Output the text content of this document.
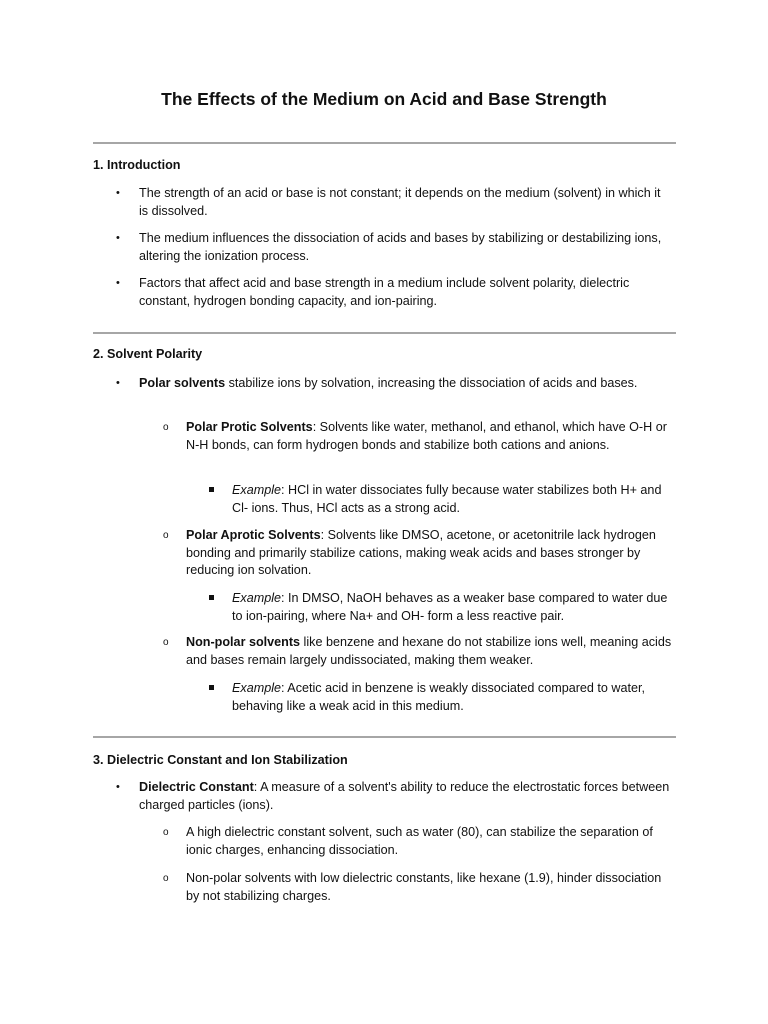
The Effects of the Medium on Acid and Base Strength

1. Introduction

• The strength of an acid or base is not constant; it depends on the medium (solvent) in which it is dissolved.
• The medium influences the dissociation of acids and bases by stabilizing or destabilizing ions, altering the ionization process.
• Factors that affect acid and base strength in a medium include solvent polarity, dielectric constant, hydrogen bonding capacity, and ion-pairing.

2. Solvent Polarity

• Polar solvents stabilize ions by solvation, increasing the dissociation of acids and bases.
o Polar Protic Solvents: Solvents like water, methanol, and ethanol, which have O-H or N-H bonds, can form hydrogen bonds and stabilize both cations and anions.
Example: HCl in water dissociates fully because water stabilizes both H+ and Cl- ions. Thus, HCl acts as a strong acid.
o Polar Aprotic Solvents: Solvents like DMSO, acetone, or acetonitrile lack hydrogen bonding and primarily stabilize cations, making weak acids and bases stronger by reducing ion solvation.
Example: In DMSO, NaOH behaves as a weaker base compared to water due to ion-pairing, where Na+ and OH- form a less reactive pair.
o Non-polar solvents like benzene and hexane do not stabilize ions well, meaning acids and bases remain largely undissociated, making them weaker.
Example: Acetic acid in benzene is weakly dissociated compared to water, behaving like a weak acid in this medium.

3. Dielectric Constant and Ion Stabilization

• Dielectric Constant: A measure of a solvent's ability to reduce the electrostatic forces between charged particles (ions).
o A high dielectric constant solvent, such as water (80), can stabilize the separation of ionic charges, enhancing dissociation.
o Non-polar solvents with low dielectric constants, like hexane (1.9), hinder dissociation by not stabilizing charges.
